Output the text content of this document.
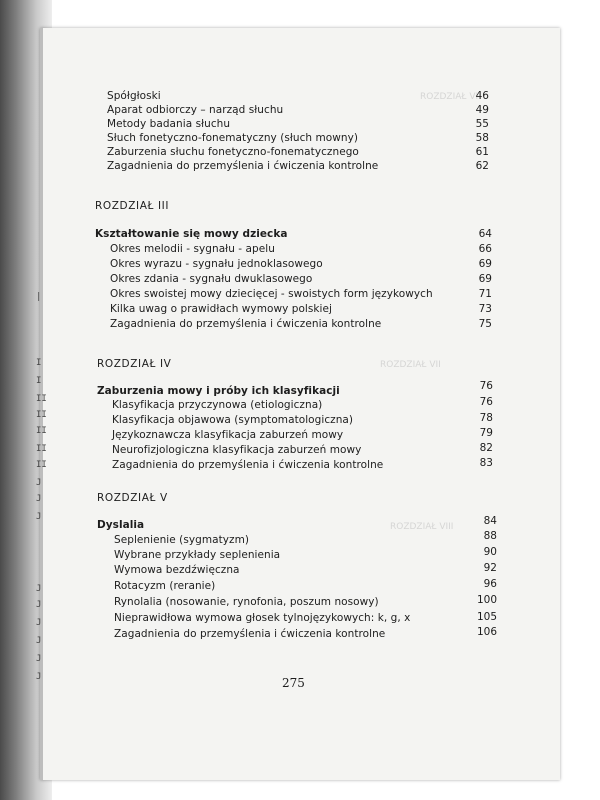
ROZDZIAŁ VI
ROZDZIAŁ VII
ROZDZIAŁ VIII
Spółgłoski	46
Aparat odbiorczy – narząd słuchu	49
Metody badania słuchu	55
Słuch fonetyczno-fonematyczny (słuch mowny)	58
Zaburzenia słuchu fonetyczno-fonematycznego	61
Zagadnienia do przemyślenia i ćwiczenia kontrolne	62
ROZDZIAŁ III
Kształtowanie się mowy dziecka	64
Okres melodii - sygnału - apelu	66
Okres wyrazu - sygnału jednoklasowego	69
Okres zdania - sygnału dwuklasowego	69
Okres swoistej mowy dziecięcej - swoistych form językowych	71
Kilka uwag o prawidłach wymowy polskiej	73
Zagadnienia do przemyślenia i ćwiczenia kontrolne	75
ROZDZIAŁ IV
Zaburzenia mowy i próby ich klasyfikacji	76
Klasyfikacja przyczynowa (etiologiczna)	76
Klasyfikacja objawowa (symptomatologiczna)	78
Językoznawcza klasyfikacja zaburzeń mowy	79
Neurofizjologiczna klasyfikacja zaburzeń mowy	82
Zagadnienia do przemyślenia i ćwiczenia kontrolne	83
ROZDZIAŁ V
Dyslalia	84
Seplenienie (sygmatyzm)	88
Wybrane przykłady seplenienia	90
Wymowa bezdźwięczna	92
Rotacyzm (reranie)	96
Rynolalia (nosowanie, rynofonia, poszum nosowy)	100
Nieprawidłowa wymowa głosek tylnojęzykowych: k, g, x	105
Zagadnienia do przemyślenia i ćwiczenia kontrolne	106
275
|
I
I
II
II
II
II
II
J
J
J
J
J
J
J
J
J
